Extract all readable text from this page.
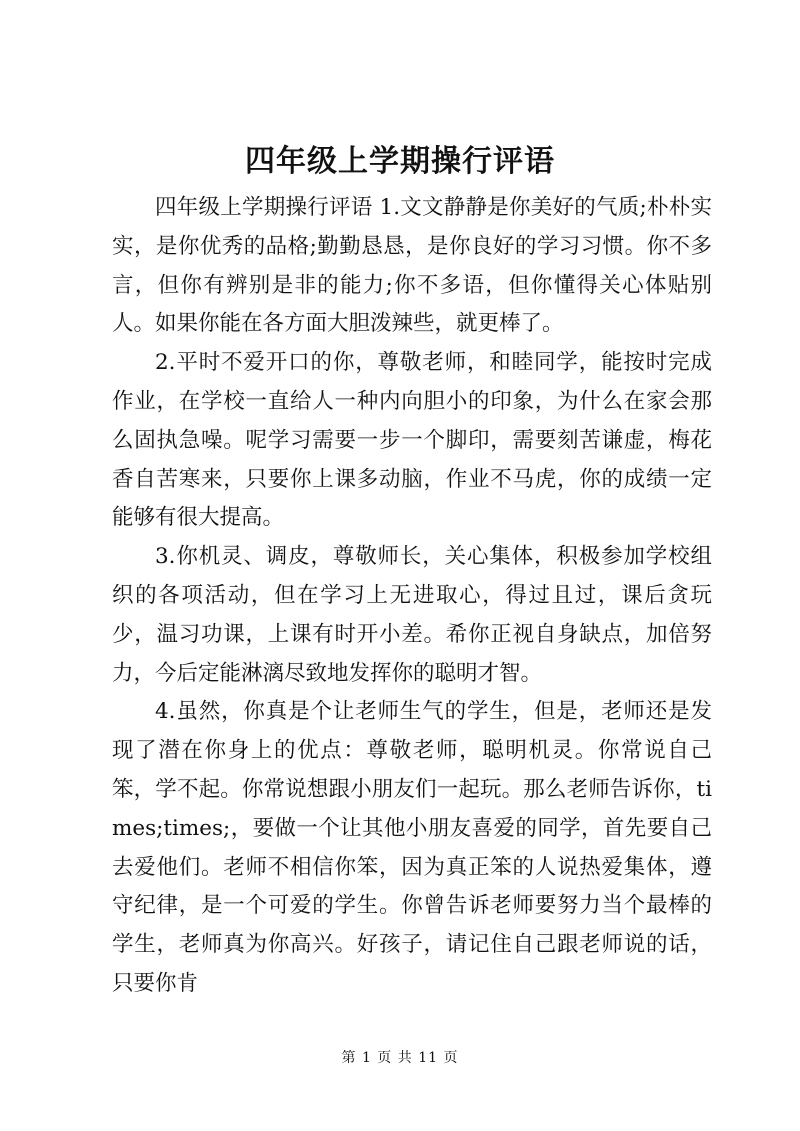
四年级上学期操行评语

四年级上学期操行评语 1.文文静静是你美好的气质;朴朴实实，是你优秀的品格;勤勤恳恳，是你良好的学习习惯。你不多言，但你有辨别是非的能力;你不多语，但你懂得关心体贴别人。如果你能在各方面大胆泼辣些，就更棒了。

2.平时不爱开口的你，尊敬老师，和睦同学，能按时完成作业，在学校一直给人一种内向胆小的印象，为什么在家会那么固执急噪。呢学习需要一步一个脚印，需要刻苦谦虚，梅花香自苦寒来，只要你上课多动脑，作业不马虎，你的成绩一定能够有很大提高。

3.你机灵、调皮，尊敬师长，关心集体，积极参加学校组织的各项活动，但在学习上无进取心，得过且过，课后贪玩少，温习功课，上课有时开小差。希你正视自身缺点，加倍努力，今后定能淋漓尽致地发挥你的聪明才智。

4.虽然，你真是个让老师生气的学生，但是，老师还是发现了潜在你身上的优点：尊敬老师，聪明机灵。你常说自己笨，学不起。你常说想跟小朋友们一起玩。那么老师告诉你，times;times;，要做一个让其他小朋友喜爱的同学，首先要自己去爱他们。老师不相信你笨，因为真正笨的人说热爱集体，遵守纪律，是一个可爱的学生。你曾告诉老师要努力当个最棒的学生，老师真为你高兴。好孩子，请记住自己跟老师说的话，只要你肯

第 1 页 共 11 页
